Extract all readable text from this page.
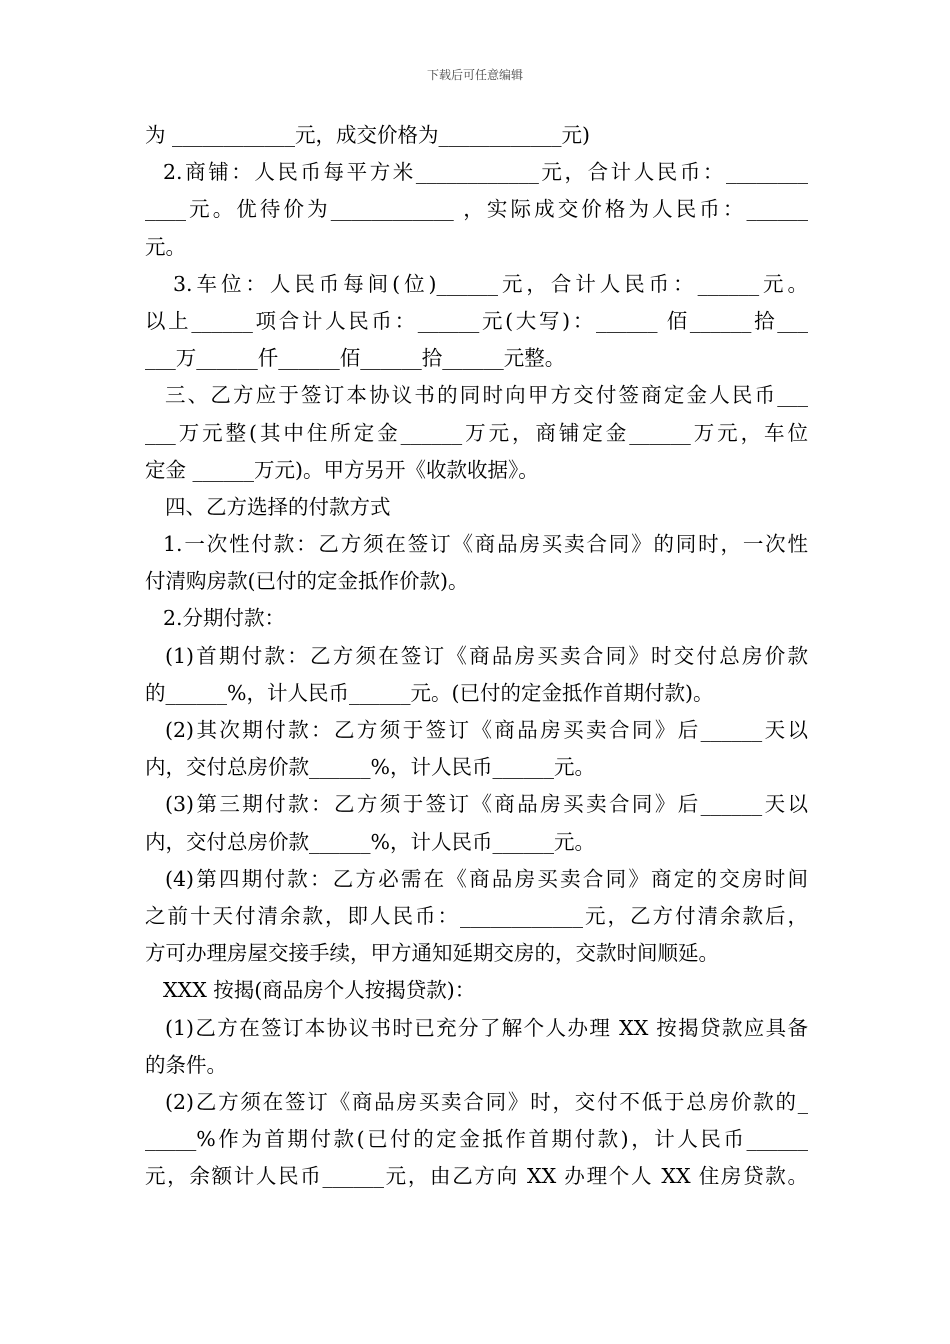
下载后可任意编辑
为 ____________元，成交价格为____________元)
2.商铺：人民币每平方米____________元，合计人民币：________
____元。优待价为____________ ，实际成交价格为人民币：______
元。
3.车位：人民币每间(位)______元，合计人民币：______元。
以上______项合计人民币：______元(大写)：______ 佰______拾___
___万______仟______佰______拾______元整。
三、乙方应于签订本协议书的同时向甲方交付签商定金人民币___
___万元整(其中住所定金______万元，商铺定金______万元，车位
定金 ______万元)。甲方另开《收款收据》。
四、乙方选择的付款方式
1.一次性付款：乙方须在签订《商品房买卖合同》的同时，一次性
付清购房款(已付的定金抵作价款)。
2.分期付款：
(1)首期付款：乙方须在签订《商品房买卖合同》时交付总房价款
的______%，计人民币______元。(已付的定金抵作首期付款)。
(2)其次期付款：乙方须于签订《商品房买卖合同》后______天以
内，交付总房价款______%，计人民币______元。
(3)第三期付款：乙方须于签订《商品房买卖合同》后______天以
内，交付总房价款______%，计人民币______元。
(4)第四期付款：乙方必需在《商品房买卖合同》商定的交房时间
之前十天付清余款，即人民币：____________元，乙方付清余款后，
方可办理房屋交接手续，甲方通知延期交房的，交款时间顺延。
XXX 按揭(商品房个人按揭贷款)：
(1)乙方在签订本协议书时已充分了解个人办理 XX 按揭贷款应具备
的条件。
(2)乙方须在签订《商品房买卖合同》时，交付不低于总房价款的_
_____%作为首期付款(已付的定金抵作首期付款)，计人民币______
元，余额计人民币______元，由乙方向 XX 办理个人 XX 住房贷款。
